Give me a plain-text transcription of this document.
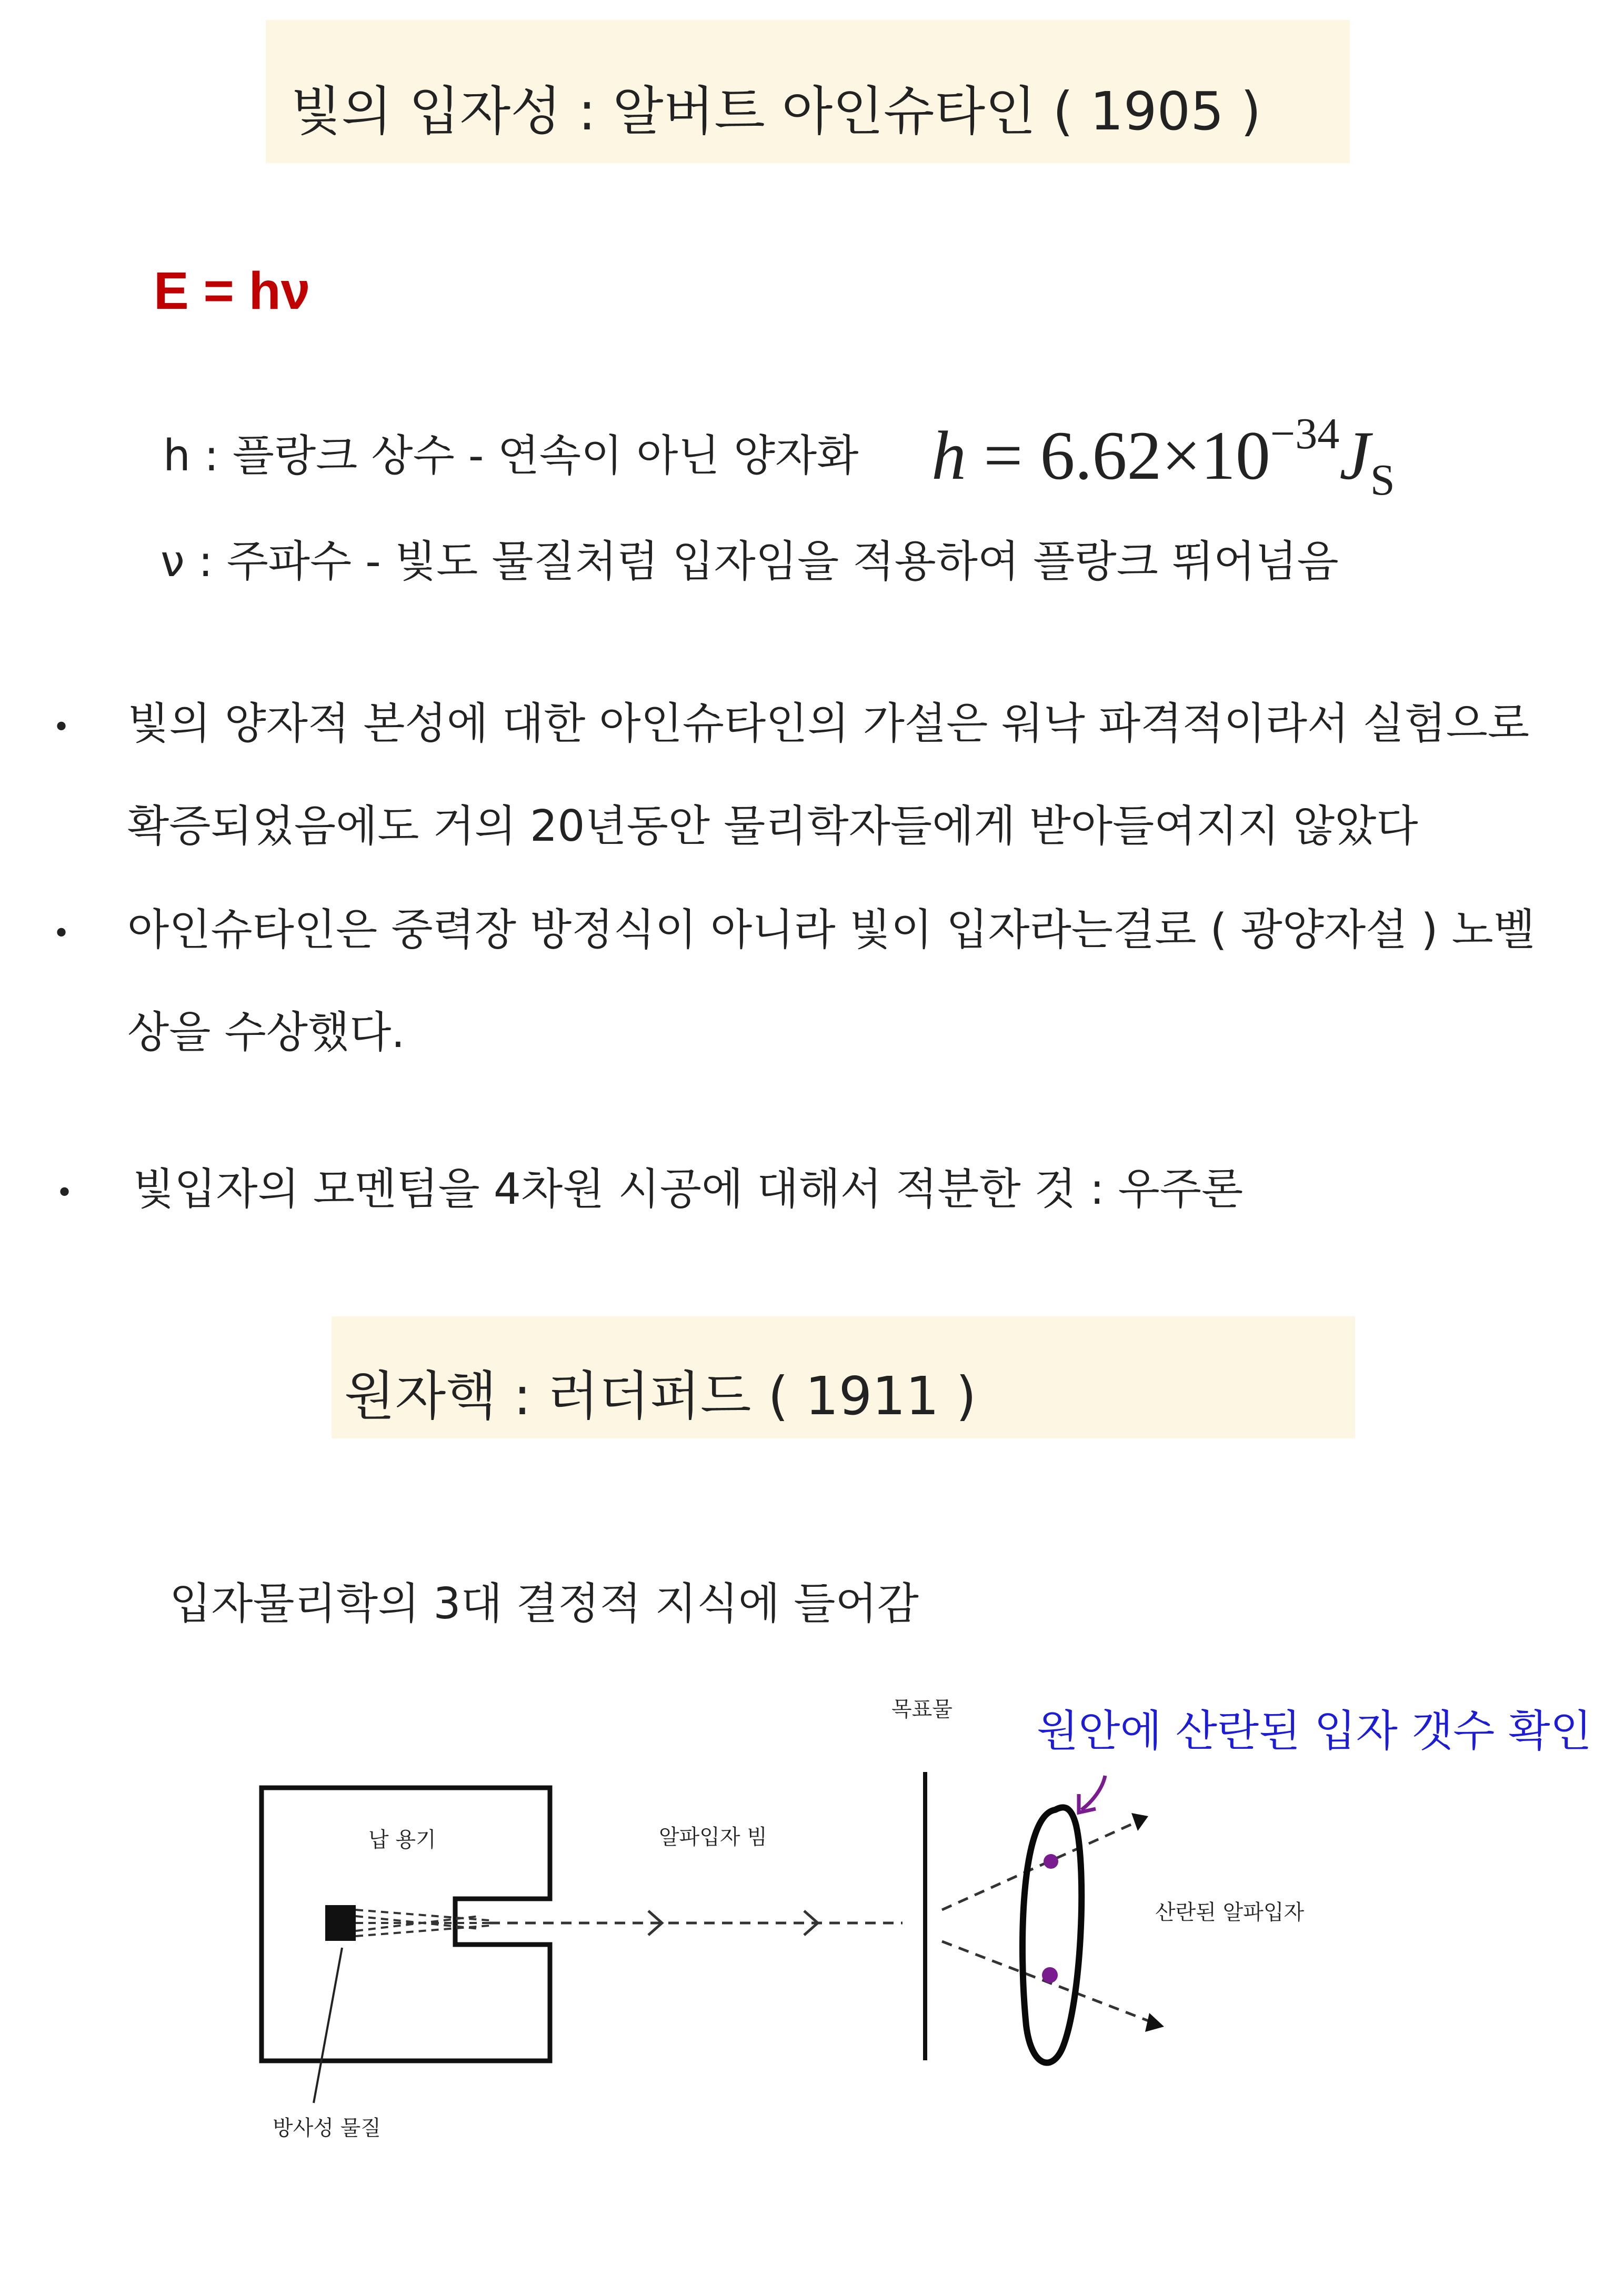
빛의 입자성 : 알버트 아인슈타인 ( 1905 )
E = hν
h : 플랑크 상수 - 연속이 아닌 양자화 $h = 6.62\times 10^{-34}J_S$
ν : 주파수 - 빛도 물질처럼 입자임을 적용하여 플랑크 뛰어넘음
• 빛의 양자적 본성에 대한 아인슈타인의 가설은 워낙 파격적이라서 실험으로
확증되었음에도 거의 20년동안 물리학자들에게 받아들여지지 않았다
• 아인슈타인은 중력장 방정식이 아니라 빛이 입자라는걸로 ( 광양자설 ) 노벨
상을 수상했다.
• 빛입자의 모멘텀을 4차원 시공에 대해서 적분한 것 : 우주론
원자핵 : 러더퍼드 ( 1911 )
입자물리학의 3대 결정적 지식에 들어감
원안에 산란된 입자 갯수 확인
납 용기	알파입자 빔
목표물
산란된 알파입자
방사성 물질
